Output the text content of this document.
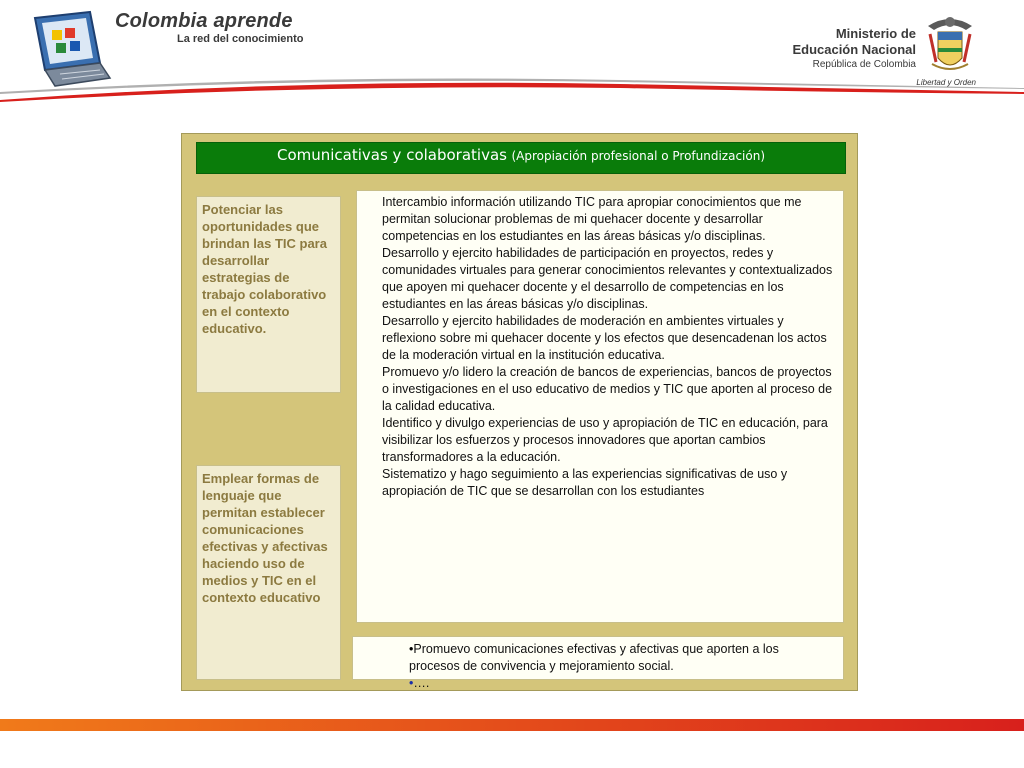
Colombia aprende
La red del conocimiento	Ministerio de
Educación Nacional
República de Colombia
Libertad y Orden
Comunicativas y colaborativas (Apropiación profesional o Profundización)
Potenciar las oportunidades que brindan las TIC para desarrollar estrategias de trabajo colaborativo en el contexto educativo.
Emplear formas de lenguaje que permitan establecer comunicaciones efectivas y afectivas haciendo uso de medios y TIC en el contexto educativo

Intercambio información utilizando TIC para apropiar conocimientos que me permitan solucionar problemas de mi quehacer docente y desarrollar competencias en los estudiantes en las áreas básicas y/o disciplinas.

Desarrollo y ejercito habilidades de participación en proyectos, redes y comunidades virtuales para generar conocimientos relevantes y contextualizados que apoyen mi quehacer docente y el desarrollo de competencias en los estudiantes en las áreas básicas y/o disciplinas.

Desarrollo y ejercito habilidades de moderación en ambientes virtuales y reflexiono sobre mi quehacer docente y los efectos que desencadenan los actos de la moderación virtual en la institución educativa.

Promuevo y/o lidero la creación de bancos de experiencias, bancos de proyectos o investigaciones en el uso educativo de medios y TIC que aporten al proceso de la calidad educativa.

Identifico y divulgo experiencias de uso y apropiación de TIC en educación, para visibilizar los esfuerzos y procesos innovadores que aportan cambios transformadores a la educación.

Sistematizo y hago seguimiento a las experiencias significativas de uso y apropiación de TIC que se desarrollan con los estudiantes

•Promuevo comunicaciones efectivas y afectivas que aporten a los procesos de convivencia y mejoramiento social.

•….
